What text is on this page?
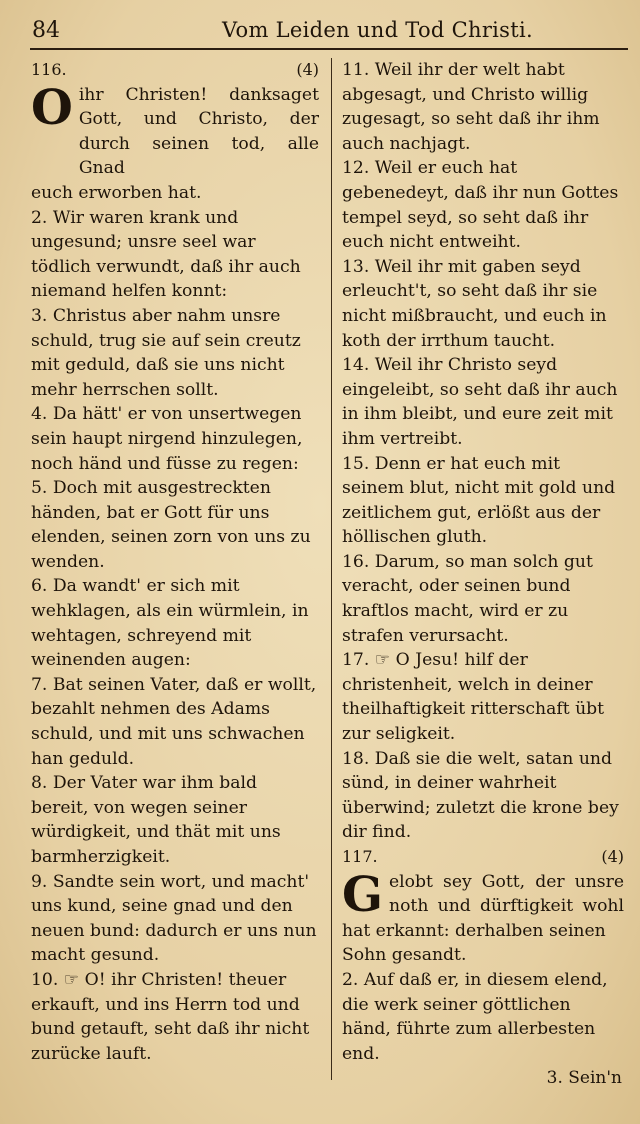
84	Vom Leiden und Tod Christi.
116.	(4)
O ihr Christen! danksaget Gott, und Christo, der durch seinen tod, alle Gnad

euch erworben hat.

2. Wir waren krank und ungesund; unsre seel war tödlich verwundt, daß ihr auch niemand helfen konnt:

3. Christus aber nahm unsre schuld, trug sie auf sein creutz mit geduld, daß sie uns nicht mehr herrschen sollt.

4. Da hätt' er von unsertwegen sein haupt nirgend hinzulegen, noch händ und füsse zu regen:

5. Doch mit ausgestreckten händen, bat er Gott für uns elenden, seinen zorn von uns zu wenden.

6. Da wandt' er sich mit wehklagen, als ein würmlein, in wehtagen, schreyend mit weinenden augen:

7. Bat seinen Vater, daß er wollt, bezahlt nehmen des Adams schuld, und mit uns schwachen han geduld.

8. Der Vater war ihm bald bereit, von wegen seiner würdigkeit, und thät mit uns barmherzigkeit.

9. Sandte sein wort, und macht' uns kund, seine gnad und den neuen bund: dadurch er uns nun macht gesund.

10. ☞ O! ihr Christen! theuer erkauft, und ins Herrn tod und bund getauft, seht daß ihr nicht zurücke lauft.

11. Weil ihr der welt habt abgesagt, und Christo willig zugesagt, so seht daß ihr ihm auch nachjagt.

12. Weil er euch hat gebenedeyt, daß ihr nun Gottes tempel seyd, so seht daß ihr euch nicht entweiht.

13. Weil ihr mit gaben seyd erleucht't, so seht daß ihr sie nicht mißbraucht, und euch in koth der irrthum taucht.

14. Weil ihr Christo seyd eingeleibt, so seht daß ihr auch in ihm bleibt, und eure zeit mit ihm vertreibt.

15. Denn er hat euch mit seinem blut, nicht mit gold und zeitlichem gut, erlößt aus der höllischen gluth.

16. Darum, so man solch gut veracht, oder seinen bund kraftlos macht, wird er zu strafen verursacht.

17. ☞ O Jesu! hilf der christenheit, welch in deiner theilhaftigkeit ritterschaft übt zur seligkeit.

18. Daß sie die welt, satan und sünd, in deiner wahrheit überwind; zuletzt die krone bey dir find.

117.	(4)
G elobt sey Gott, der unsre noth und dürftigkeit wohl

hat erkannt: derhalben seinen Sohn gesandt.

2. Auf daß er, in diesem elend, die werk seiner göttlichen händ, führte zum allerbesten end.

3. Sein'n
